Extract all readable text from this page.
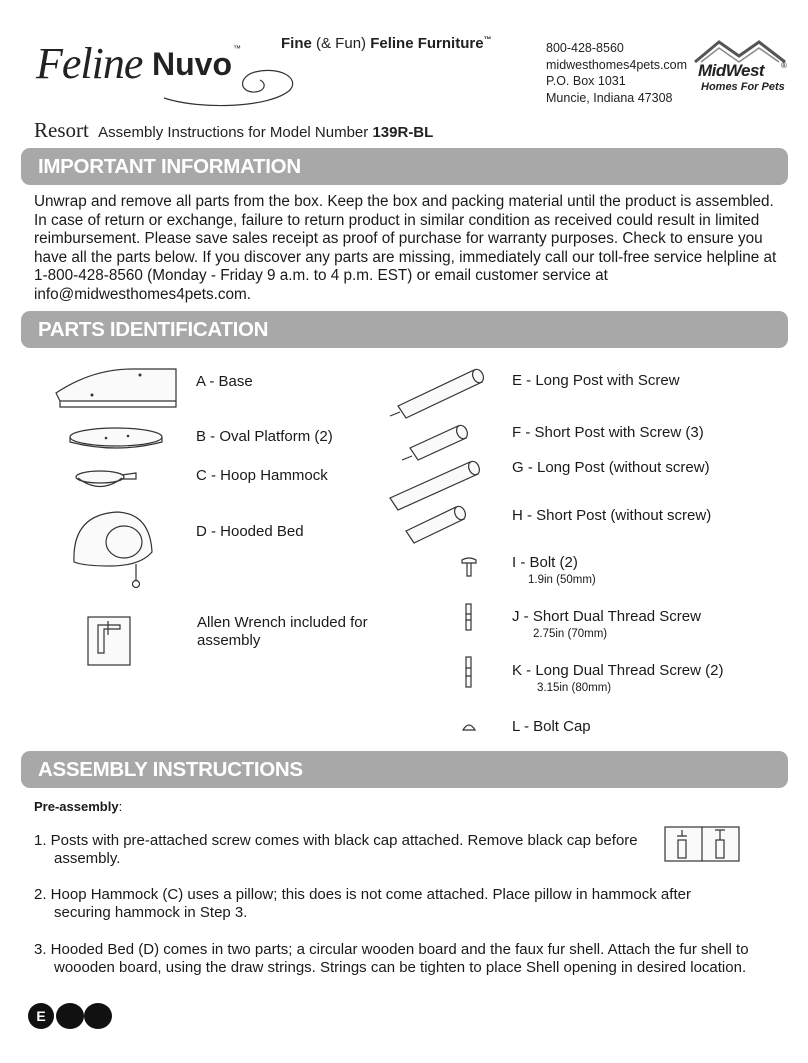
Feline Nuvo ™	Fine (& Fun) Feline Furniture™
800-428-8560
midwesthomes4pets.com
P.O. Box 1031
Muncie, Indiana 47308
MidWest ®
Homes For Pets
Resort Assembly Instructions for Model Number 139R-BL
IMPORTANT INFORMATION
Unwrap and remove all parts from the box. Keep the box and packing material until the product is assembled. In case of return or exchange, failure to return product in similar condition as received could result in limited reimbursement. Please save sales receipt as proof of purchase for warranty purposes. Check to ensure you have all the parts below. If you discover any parts are missing, immediately call our toll-free service helpline at 1-800-428-8560 (Monday - Friday 9 a.m. to 4 p.m. EST) or email customer service at info@midwesthomes4pets.com.
PARTS IDENTIFICATION
A - Base
B - Oval Platform (2)
C - Hoop Hammock
D - Hooded Bed
Allen Wrench included for
assembly
E - Long Post with Screw
F - Short Post with Screw (3)
G - Long Post (without screw)
H - Short Post (without screw)
I - Bolt (2)
1.9in (50mm)
J - Short Dual Thread Screw
2.75in (70mm)
K - Long Dual Thread Screw (2)
3.15in (80mm)
L - Bolt Cap
ASSEMBLY INSTRUCTIONS
Pre-assembly:
1. Posts with pre-attached screw comes with black cap attached. Remove black cap before
assembly.
2. Hoop Hammock (C) uses a pillow; this does is not come attached. Place pillow in hammock after
securing hammock in Step 3.
3. Hooded Bed (D) comes in two parts; a circular wooden board and the faux fur shell. Attach the fur shell to
woooden board, using the draw strings. Strings can be tighten to place Shell opening in desired location.
E
